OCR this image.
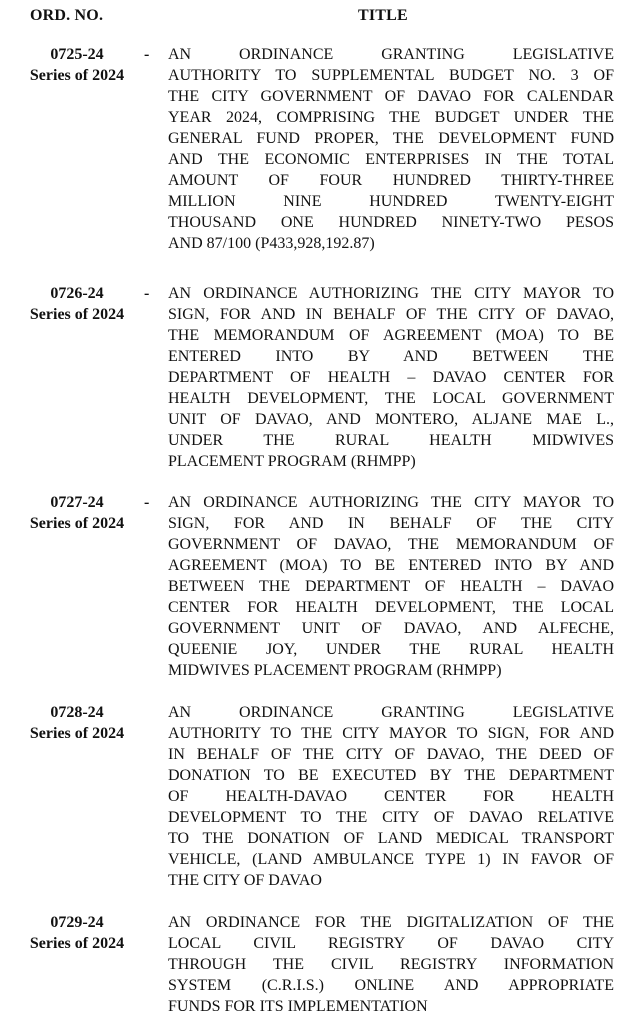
ORD. NO.	TITLE
0725-24
Series of 2024
- AN ORDINANCE GRANTING LEGISLATIVE
AUTHORITY TO SUPPLEMENTAL BUDGET NO. 3 OF
THE CITY GOVERNMENT OF DAVAO FOR CALENDAR
YEAR 2024, COMPRISING THE BUDGET UNDER THE
GENERAL FUND PROPER, THE DEVELOPMENT FUND
AND THE ECONOMIC ENTERPRISES IN THE TOTAL
AMOUNT OF FOUR HUNDRED THIRTY-THREE
MILLION NINE HUNDRED TWENTY-EIGHT
THOUSAND ONE HUNDRED NINETY-TWO PESOS
AND 87/100 (P433,928,192.87)
0726-24
Series of 2024
- AN ORDINANCE AUTHORIZING THE CITY MAYOR TO
SIGN, FOR AND IN BEHALF OF THE CITY OF DAVAO,
THE MEMORANDUM OF AGREEMENT (MOA) TO BE
ENTERED INTO BY AND BETWEEN THE
DEPARTMENT OF HEALTH – DAVAO CENTER FOR
HEALTH DEVELOPMENT, THE LOCAL GOVERNMENT
UNIT OF DAVAO, AND MONTERO, ALJANE MAE L.,
UNDER THE RURAL HEALTH MIDWIVES
PLACEMENT PROGRAM (RHMPP)
0727-24
Series of 2024
- AN ORDINANCE AUTHORIZING THE CITY MAYOR TO
SIGN, FOR AND IN BEHALF OF THE CITY
GOVERNMENT OF DAVAO, THE MEMORANDUM OF
AGREEMENT (MOA) TO BE ENTERED INTO BY AND
BETWEEN THE DEPARTMENT OF HEALTH – DAVAO
CENTER FOR HEALTH DEVELOPMENT, THE LOCAL
GOVERNMENT UNIT OF DAVAO, AND ALFECHE,
QUEENIE JOY, UNDER THE RURAL HEALTH
MIDWIVES PLACEMENT PROGRAM (RHMPP)
0728-24
Series of 2024
AN ORDINANCE GRANTING LEGISLATIVE
AUTHORITY TO THE CITY MAYOR TO SIGN, FOR AND
IN BEHALF OF THE CITY OF DAVAO, THE DEED OF
DONATION TO BE EXECUTED BY THE DEPARTMENT
OF HEALTH-DAVAO CENTER FOR HEALTH
DEVELOPMENT TO THE CITY OF DAVAO RELATIVE
TO THE DONATION OF LAND MEDICAL TRANSPORT
VEHICLE, (LAND AMBULANCE TYPE 1) IN FAVOR OF
THE CITY OF DAVAO
0729-24
Series of 2024
AN ORDINANCE FOR THE DIGITALIZATION OF THE
LOCAL CIVIL REGISTRY OF DAVAO CITY
THROUGH THE CIVIL REGISTRY INFORMATION
SYSTEM (C.R.I.S.) ONLINE AND APPROPRIATE
FUNDS FOR ITS IMPLEMENTATION
